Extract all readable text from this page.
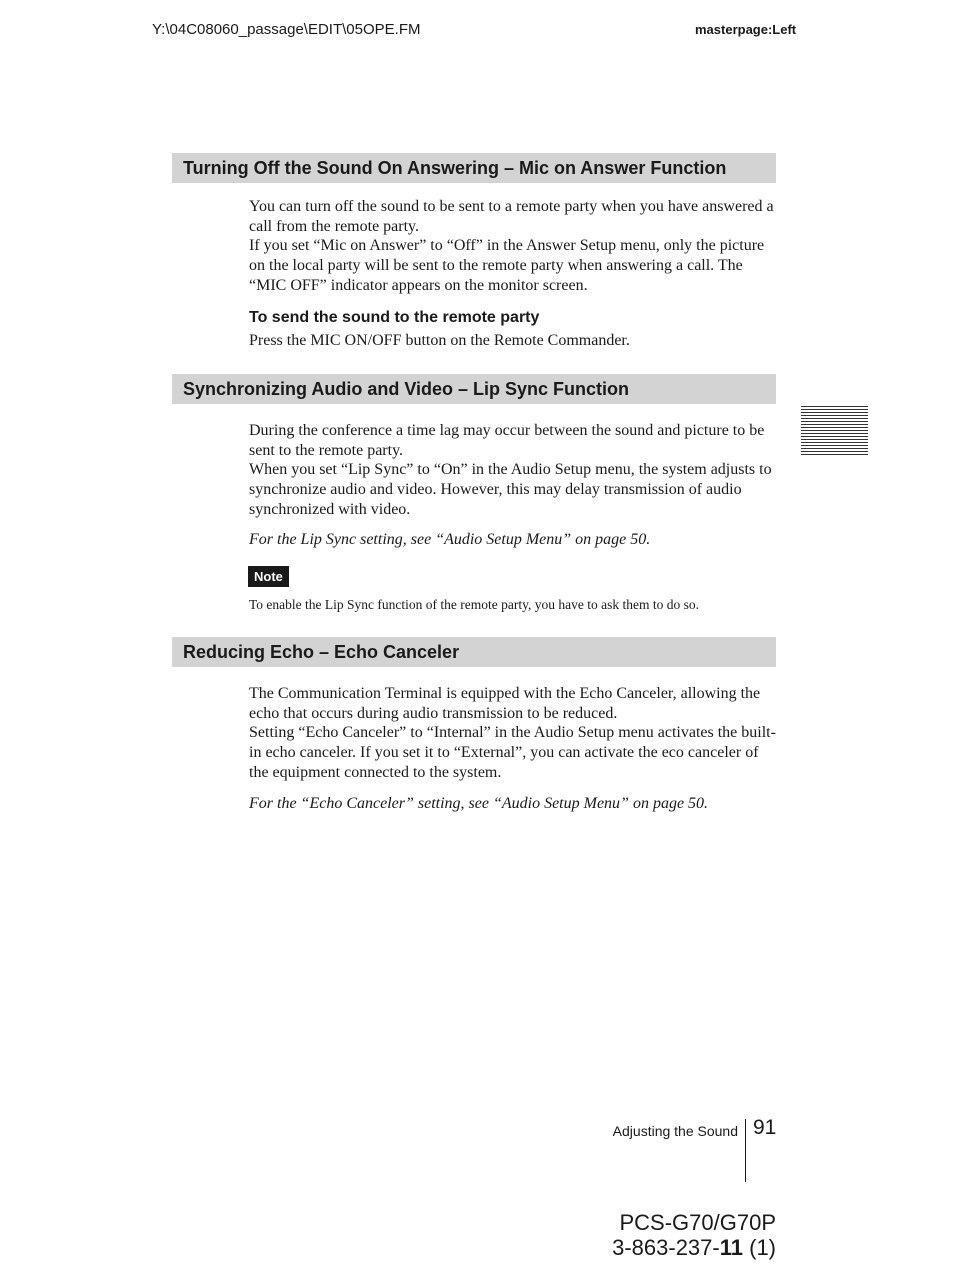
Y:\04C08060_passage\EDIT\05OPE.FM	masterpage:Left
Turning Off the Sound On Answering – Mic on Answer Function

You can turn off the sound to be sent to a remote party when you have answered a call from the remote party.

If you set “Mic on Answer” to “Off” in the Answer Setup menu, only the picture on the local party will be sent to the remote party when answering a call. The “MIC OFF” indicator appears on the monitor screen.

To send the sound to the remote party
Press the MIC ON/OFF button on the Remote Commander.
Synchronizing Audio and Video – Lip Sync Function

During the conference a time lag may occur between the sound and picture to be sent to the remote party.

When you set “Lip Sync” to “On” in the Audio Setup menu, the system adjusts to synchronize audio and video. However, this may delay transmission of audio synchronized with video.

For the Lip Sync setting, see “Audio Setup Menu” on page 50.
Note
To enable the Lip Sync function of the remote party, you have to ask them to do so.
Reducing Echo – Echo Canceler

The Communication Terminal is equipped with the Echo Canceler, allowing the echo that occurs during audio transmission to be reduced.

Setting “Echo Canceler” to “Internal” in the Audio Setup menu activates the built-in echo canceler. If you set it to “External”, you can activate the eco canceler of the equipment connected to the system.

For the “Echo Canceler” setting, see “Audio Setup Menu” on page 50.
Adjusting the Sound 91
PCS-G70/G70P
3-863-237-11 (1)
